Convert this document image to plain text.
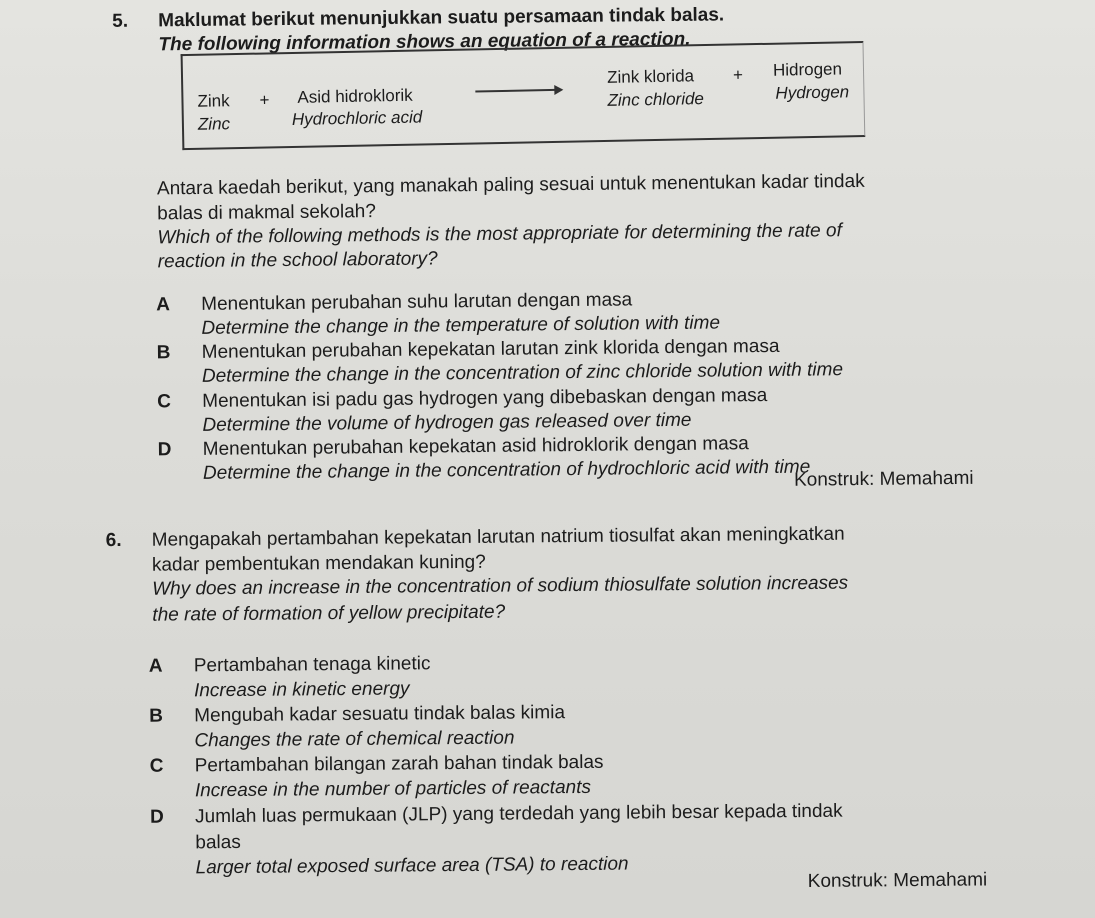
5. Maklumat berikut menunjukkan suatu persamaan tindak balas.
The following information shows an equation of a reaction.
Zink
Zinc
+ Asid hidroklorik
Hydrochloric acid
Zink klorida
Zinc chloride
+ Hidrogen
Hydrogen
Antara kaedah berikut, yang manakah paling sesuai untuk menentukan kadar tindak
balas di makmal sekolah?
Which of the following methods is the most appropriate for determining the rate of
reaction in the school laboratory?
A Menentukan perubahan suhu larutan dengan masa
Determine the change in the temperature of solution with time
B Menentukan perubahan kepekatan larutan zink klorida dengan masa
Determine the change in the concentration of zinc chloride solution with time
C Menentukan isi padu gas hydrogen yang dibebaskan dengan masa
Determine the volume of hydrogen gas released over time
D Menentukan perubahan kepekatan asid hidroklorik dengan masa
Determine the change in the concentration of hydrochloric acid with time
Konstruk: Memahami
6. Mengapakah pertambahan kepekatan larutan natrium tiosulfat akan meningkatkan
kadar pembentukan mendakan kuning?
Why does an increase in the concentration of sodium thiosulfate solution increases
the rate of formation of yellow precipitate?
A Pertambahan tenaga kinetic
Increase in kinetic energy
B Mengubah kadar sesuatu tindak balas kimia
Changes the rate of chemical reaction
C Pertambahan bilangan zarah bahan tindak balas
Increase in the number of particles of reactants
D Jumlah luas permukaan (JLP) yang terdedah yang lebih besar kepada tindak
balas
Larger total exposed surface area (TSA) to reaction
Konstruk: Memahami
